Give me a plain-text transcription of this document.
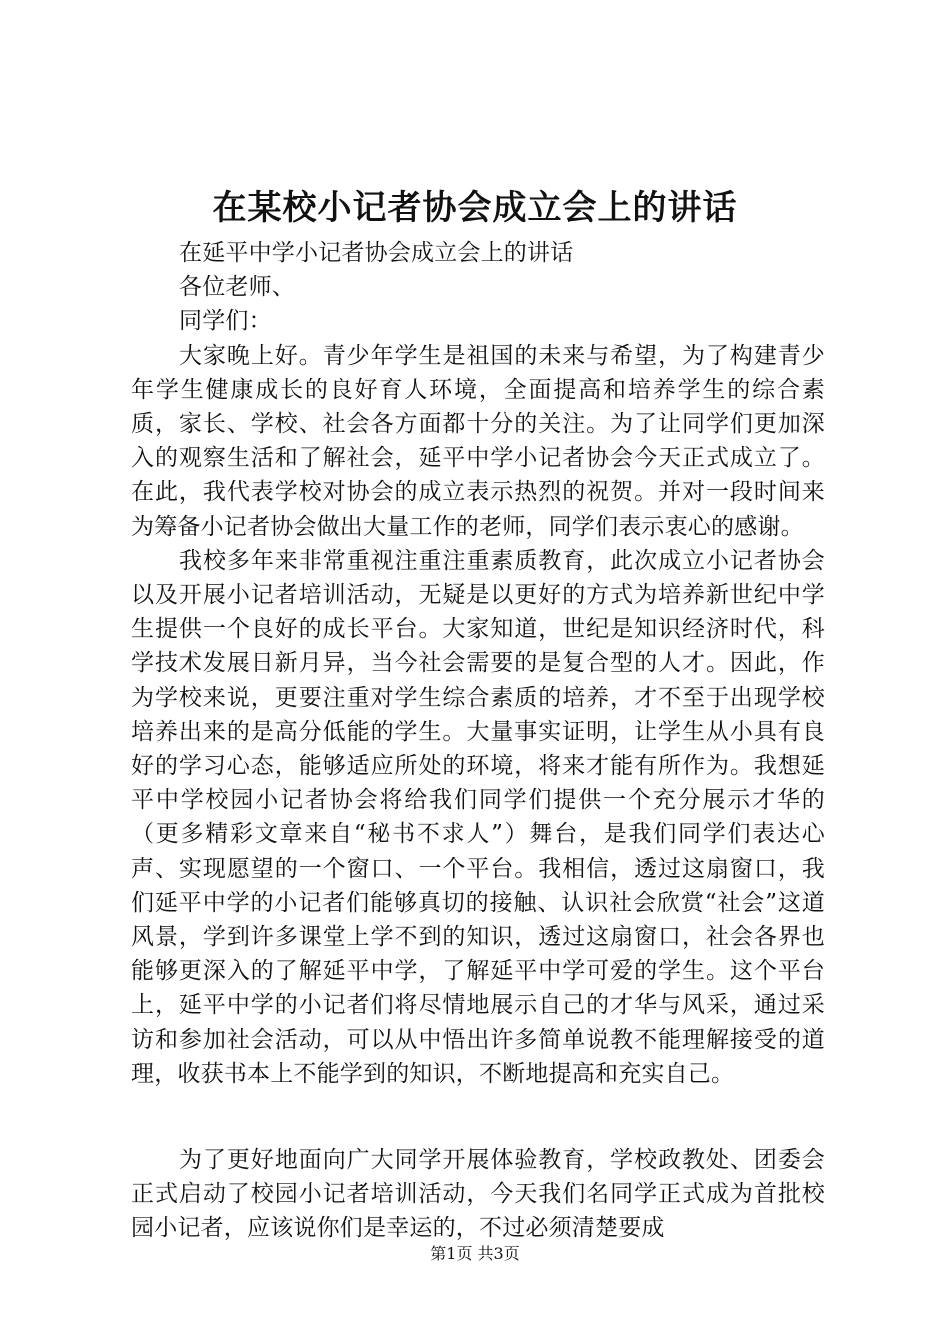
在某校小记者协会成立会上的讲话

在延平中学小记者协会成立会上的讲话

各位老师、

同学们：

大家晚上好。青少年学生是祖国的未来与希望，为了构建青少年学生健康成长的良好育人环境，全面提高和培养学生的综合素质，家长、学校、社会各方面都十分的关注。为了让同学们更加深入的观察生活和了解社会，延平中学小记者协会今天正式成立了。在此，我代表学校对协会的成立表示热烈的祝贺。并对一段时间来为筹备小记者协会做出大量工作的老师，同学们表示衷心的感谢。

我校多年来非常重视注重注重素质教育，此次成立小记者协会以及开展小记者培训活动，无疑是以更好的方式为培养新世纪中学生提供一个良好的成长平台。大家知道，世纪是知识经济时代，科学技术发展日新月异，当今社会需要的是复合型的人才。因此，作为学校来说，更要注重对学生综合素质的培养，才不至于出现学校培养出来的是高分低能的学生。大量事实证明，让学生从小具有良好的学习心态，能够适应所处的环境，将来才能有所作为。我想延平中学校园小记者协会将给我们同学们提供一个充分展示才华的（更多精彩文章来自“秘书不求人”）舞台，是我们同学们表达心声、实现愿望的一个窗口、一个平台。我相信，透过这扇窗口，我们延平中学的小记者们能够真切的接触、认识社会欣赏“社会”这道风景，学到许多课堂上学不到的知识，透过这扇窗口，社会各界也能够更深入的了解延平中学，了解延平中学可爱的学生。这个平台上，延平中学的小记者们将尽情地展示自己的才华与风采，通过采访和参加社会活动，可以从中悟出许多简单说教不能理解接受的道理，收获书本上不能学到的知识，不断地提高和充实自己。

为了更好地面向广大同学开展体验教育，学校政教处、团委会正式启动了校园小记者培训活动，今天我们名同学正式成为首批校园小记者，应该说你们是幸运的，不过必须清楚要成

第1页 共3页
